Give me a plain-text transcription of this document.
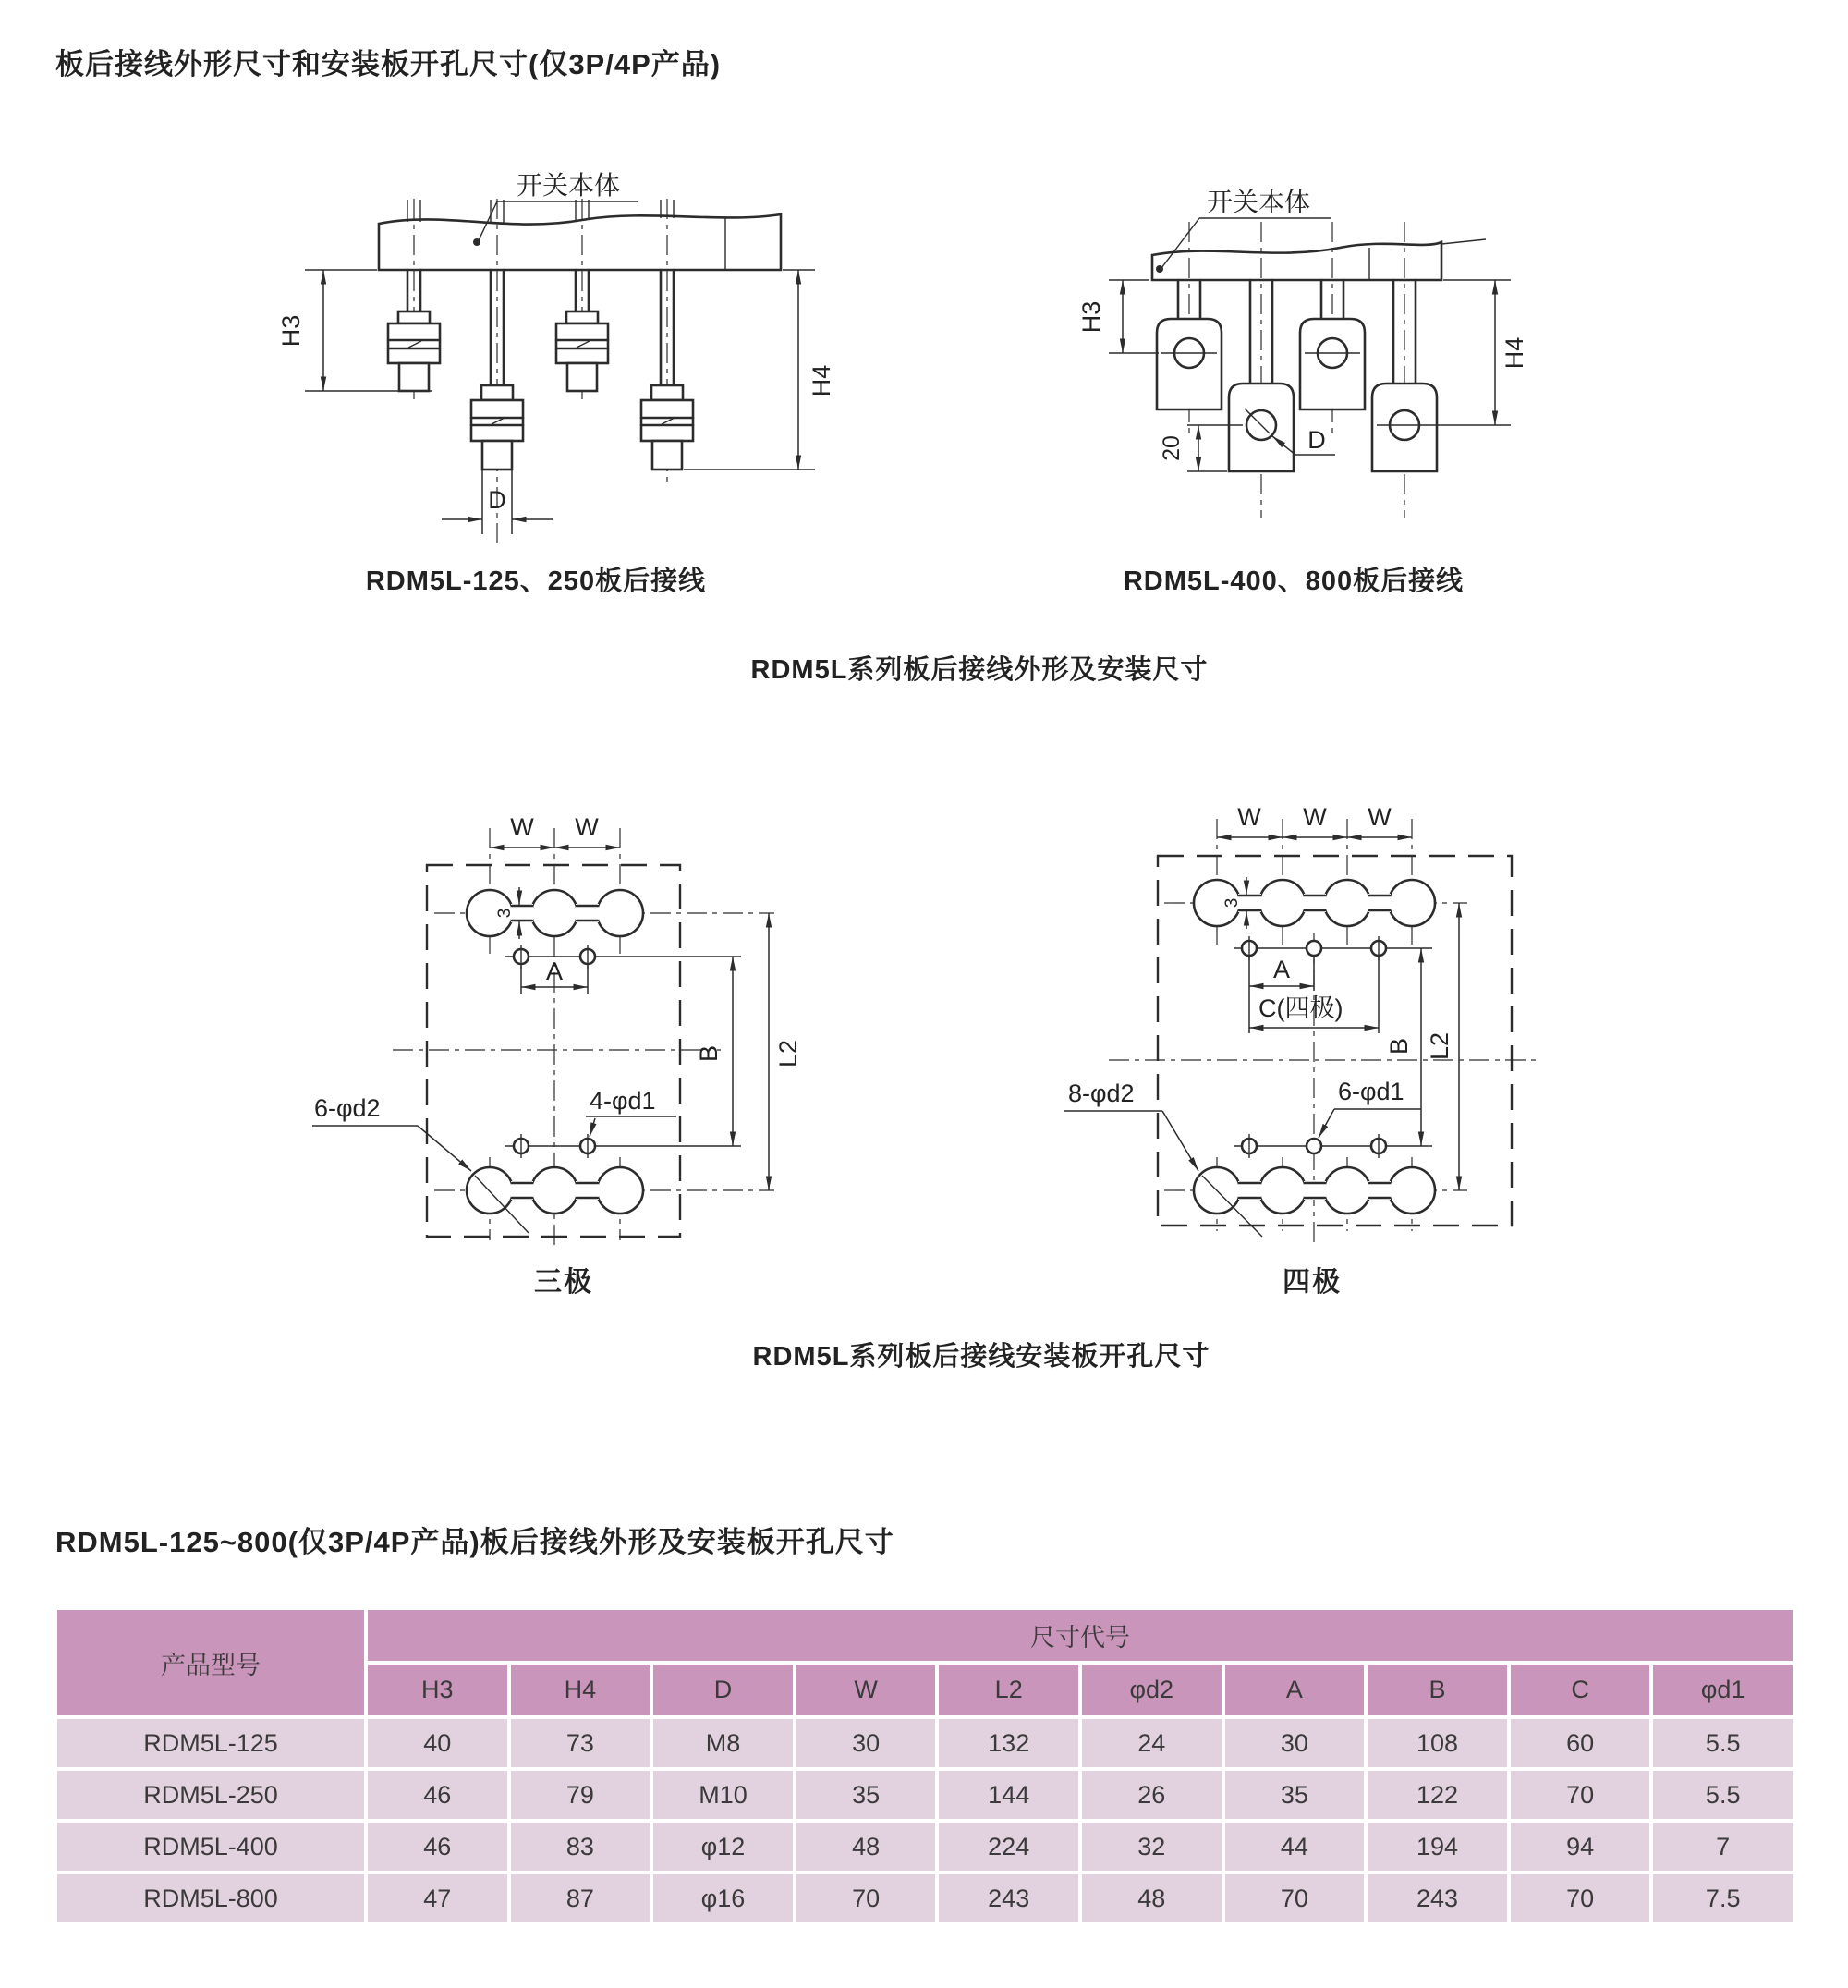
板后接线外形尺寸和安装板开孔尺寸(仅3P/4P产品)
开关本体
H3
H4
D
RDM5L-125、250板后接线
开关本体
H3
H4
20	D
RDM5L-400、800板后接线
RDM5L系列板后接线外形及安装尺寸
W W
3
A
B L2
6-φd2	4-φd1
三极
W W W
3
A
C(四极)
B L2
8-φd2	6-φd1
四极
RDM5L系列板后接线安装板开孔尺寸
RDM5L-125~800(仅3P/4P产品)板后接线外形及安装板开孔尺寸
产品型号
尺寸代号
H3	H4	D	W	L2	φd2	A	B	C	φd1
RDM5L-125	40	73	M8	30	132	24	30	108	60	5.5
RDM5L-250	46	79	M10	35	144	26	35	122	70	5.5
RDM5L-400	46	83	φ12	48	224	32	44	194	94	7
RDM5L-800	47	87	φ16	70	243	48	70	243	70	7.5
